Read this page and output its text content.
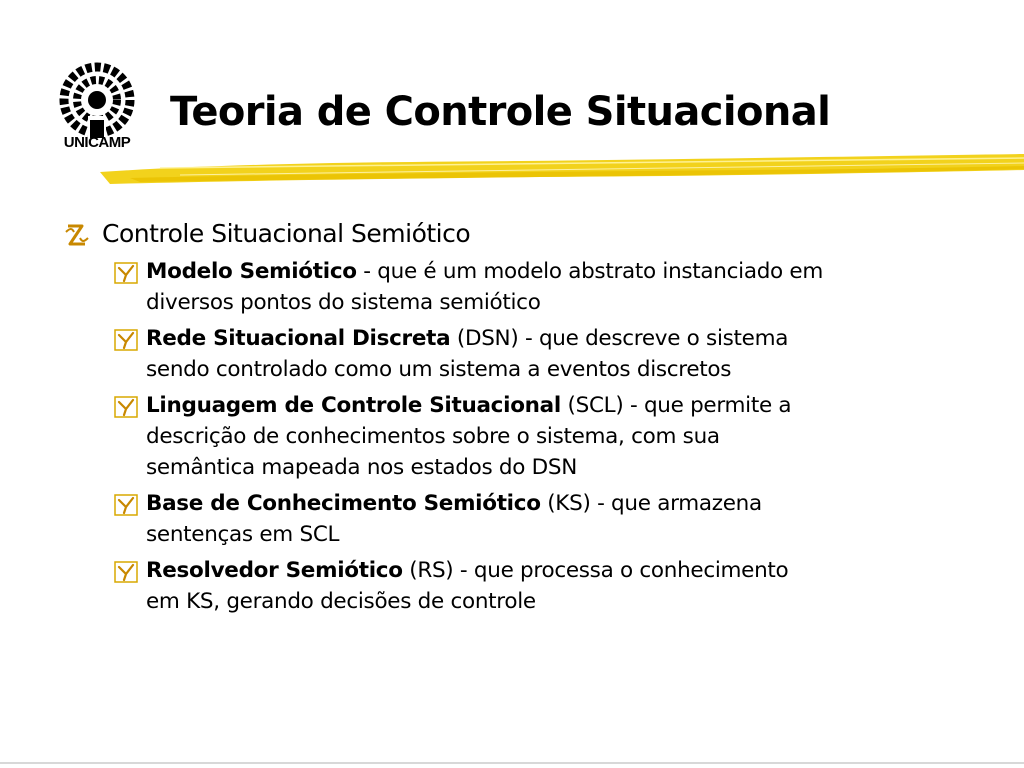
UNICAMP
Teoria de Controle Situacional
Controle Situacional Semiótico
Modelo Semiótico - que é um modelo abstrato instanciado em
diversos pontos do sistema semiótico
Rede Situacional Discreta (DSN) - que descreve o sistema
sendo controlado como um sistema a eventos discretos
Linguagem de Controle Situacional (SCL) - que permite a
descrição de conhecimentos sobre o sistema, com sua
semântica mapeada nos estados do DSN
Base de Conhecimento Semiótico (KS) - que armazena
sentenças em SCL
Resolvedor Semiótico (RS) - que processa o conhecimento
em KS, gerando decisões de controle
